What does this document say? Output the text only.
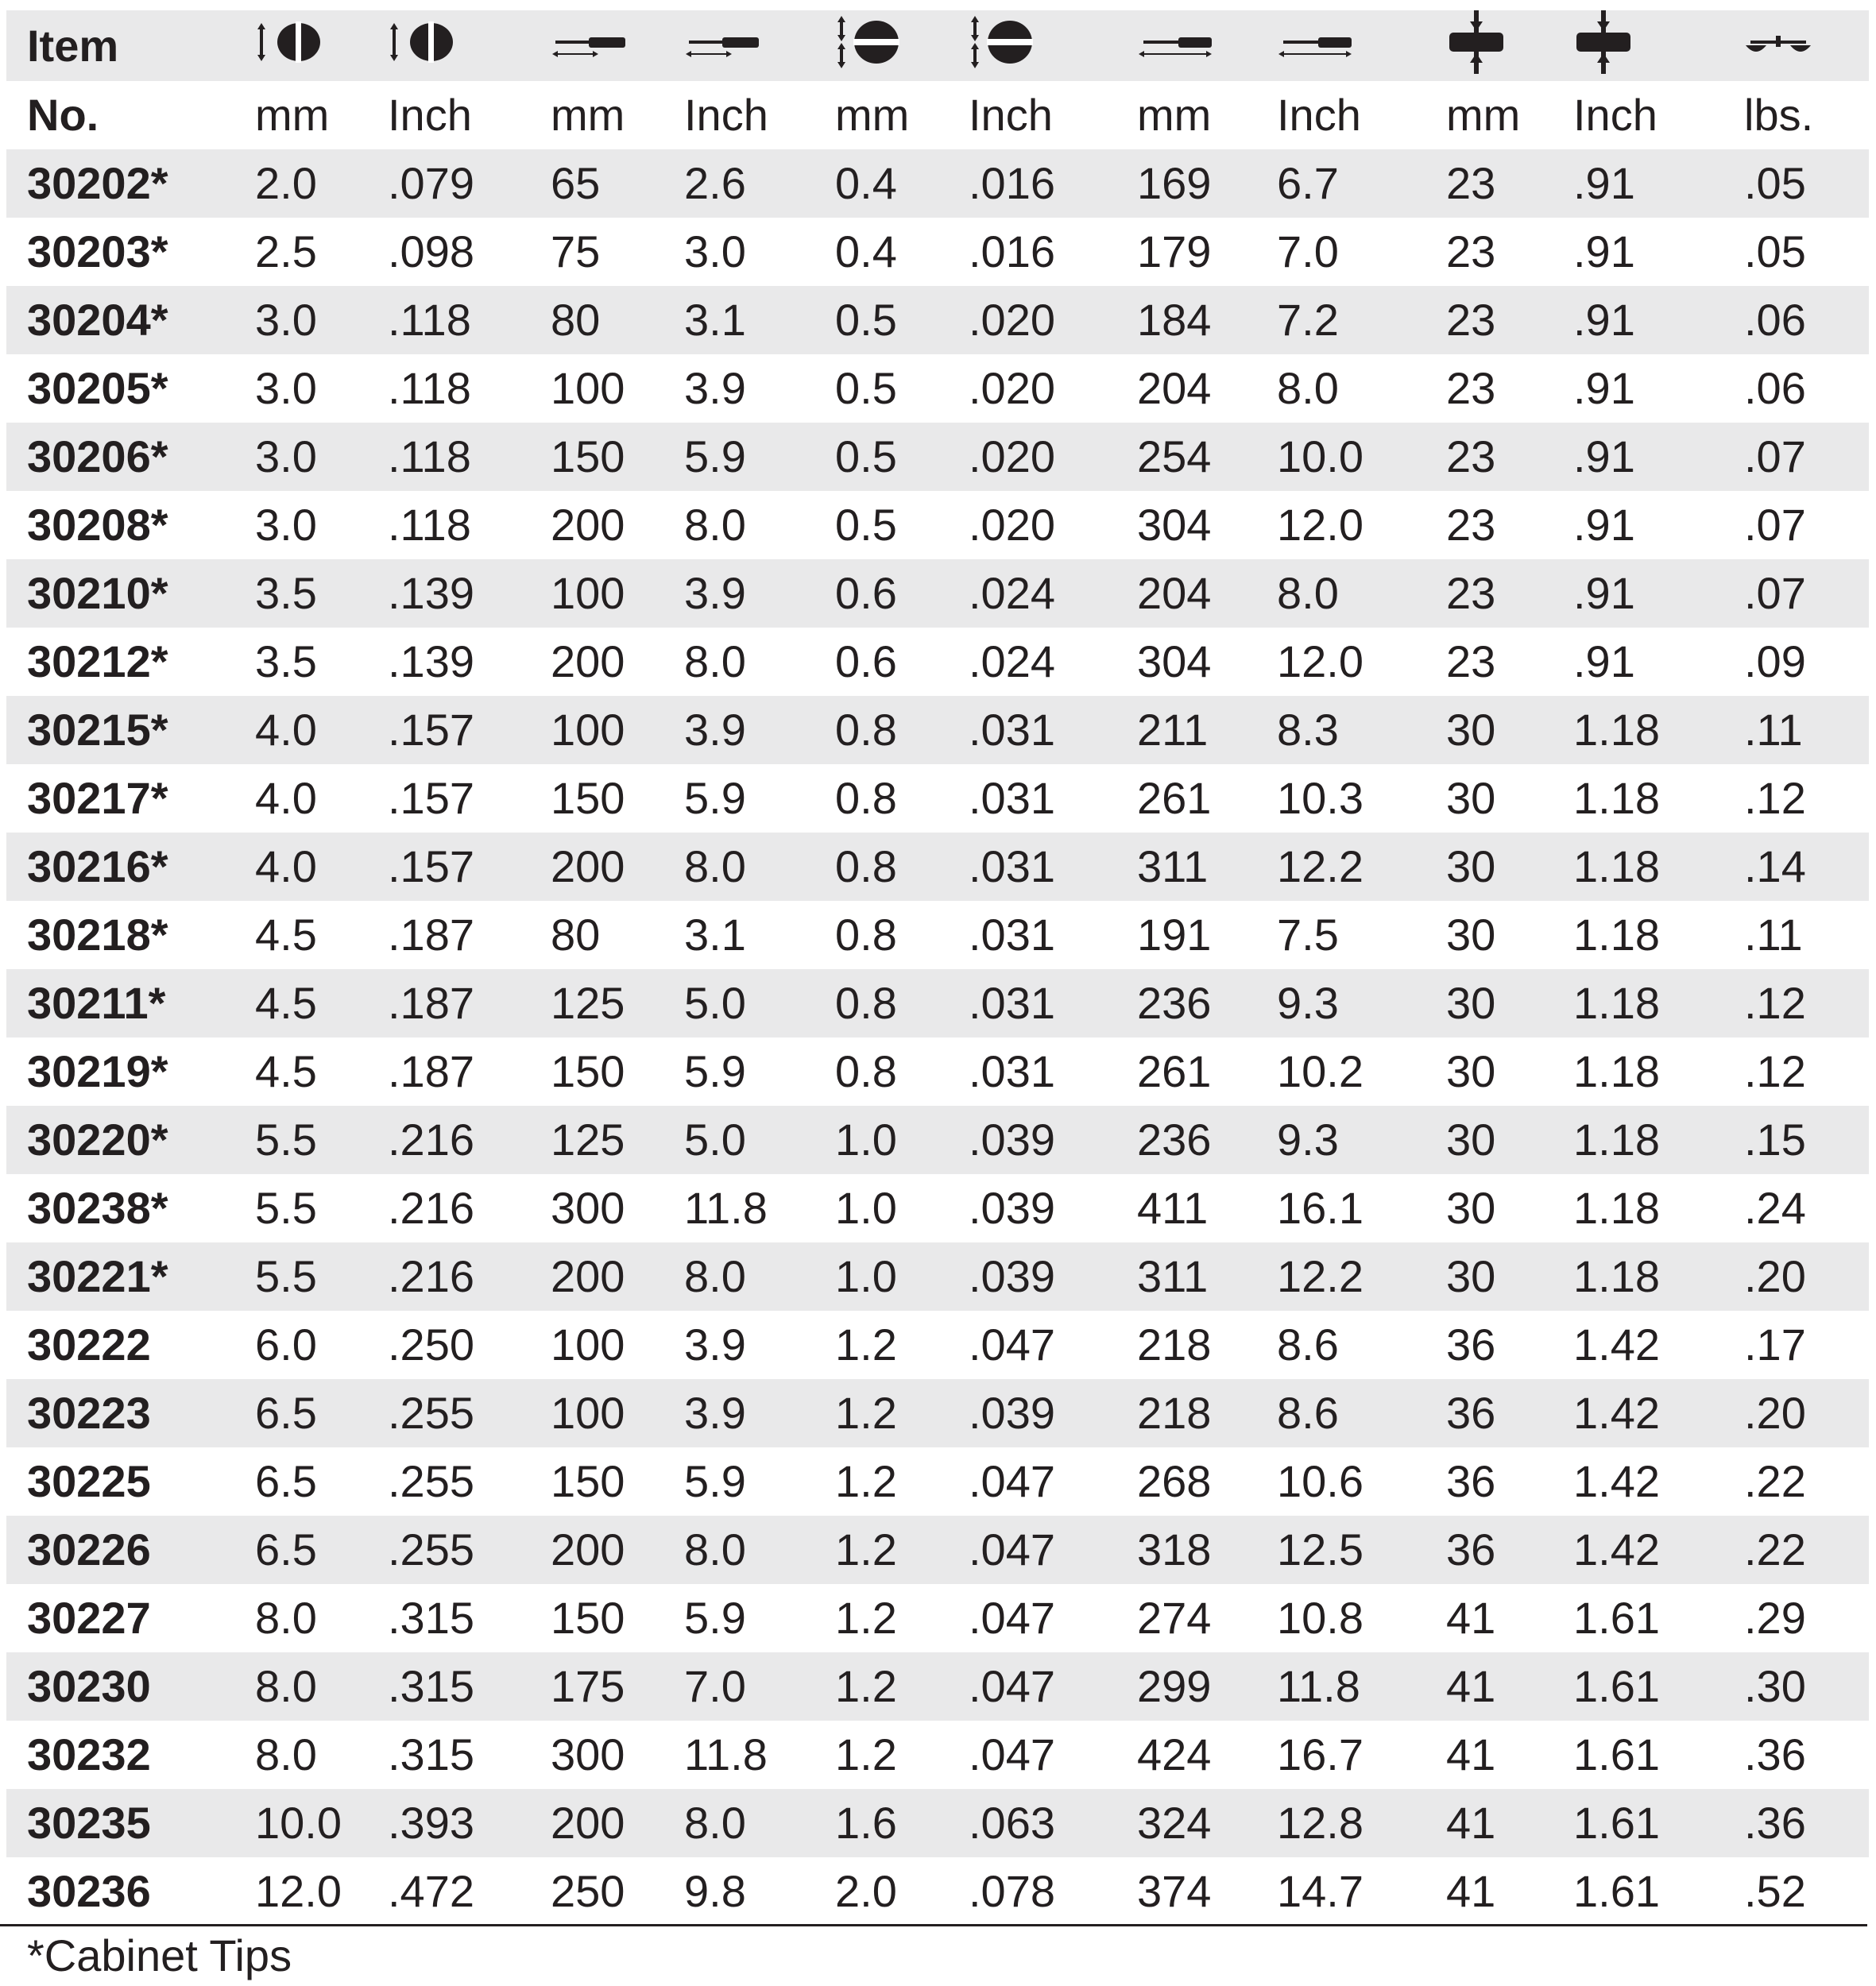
Item											
No.	mm	Inch	mm	Inch	mm	Inch	mm	Inch	mm	Inch	lbs.
30202*	2.0	.079	65	2.6	0.4	.016	169	6.7	23	.91	.05
30203*	2.5	.098	75	3.0	0.4	.016	179	7.0	23	.91	.05
30204*	3.0	.118	80	3.1	0.5	.020	184	7.2	23	.91	.06
30205*	3.0	.118	100	3.9	0.5	.020	204	8.0	23	.91	.06
30206*	3.0	.118	150	5.9	0.5	.020	254	10.0	23	.91	.07
30208*	3.0	.118	200	8.0	0.5	.020	304	12.0	23	.91	.07
30210*	3.5	.139	100	3.9	0.6	.024	204	8.0	23	.91	.07
30212*	3.5	.139	200	8.0	0.6	.024	304	12.0	23	.91	.09
30215*	4.0	.157	100	3.9	0.8	.031	211	8.3	30	1.18	.11
30217*	4.0	.157	150	5.9	0.8	.031	261	10.3	30	1.18	.12
30216*	4.0	.157	200	8.0	0.8	.031	311	12.2	30	1.18	.14
30218*	4.5	.187	80	3.1	0.8	.031	191	7.5	30	1.18	.11
30211*	4.5	.187	125	5.0	0.8	.031	236	9.3	30	1.18	.12
30219*	4.5	.187	150	5.9	0.8	.031	261	10.2	30	1.18	.12
30220*	5.5	.216	125	5.0	1.0	.039	236	9.3	30	1.18	.15
30238*	5.5	.216	300	11.8	1.0	.039	411	16.1	30	1.18	.24
30221*	5.5	.216	200	8.0	1.0	.039	311	12.2	30	1.18	.20
30222	6.0	.250	100	3.9	1.2	.047	218	8.6	36	1.42	.17
30223	6.5	.255	100	3.9	1.2	.039	218	8.6	36	1.42	.20
30225	6.5	.255	150	5.9	1.2	.047	268	10.6	36	1.42	.22
30226	6.5	.255	200	8.0	1.2	.047	318	12.5	36	1.42	.22
30227	8.0	.315	150	5.9	1.2	.047	274	10.8	41	1.61	.29
30230	8.0	.315	175	7.0	1.2	.047	299	11.8	41	1.61	.30
30232	8.0	.315	300	11.8	1.2	.047	424	16.7	41	1.61	.36
30235	10.0	.393	200	8.0	1.6	.063	324	12.8	41	1.61	.36
30236	12.0	.472	250	9.8	2.0	.078	374	14.7	41	1.61	.52
*Cabinet Tips
